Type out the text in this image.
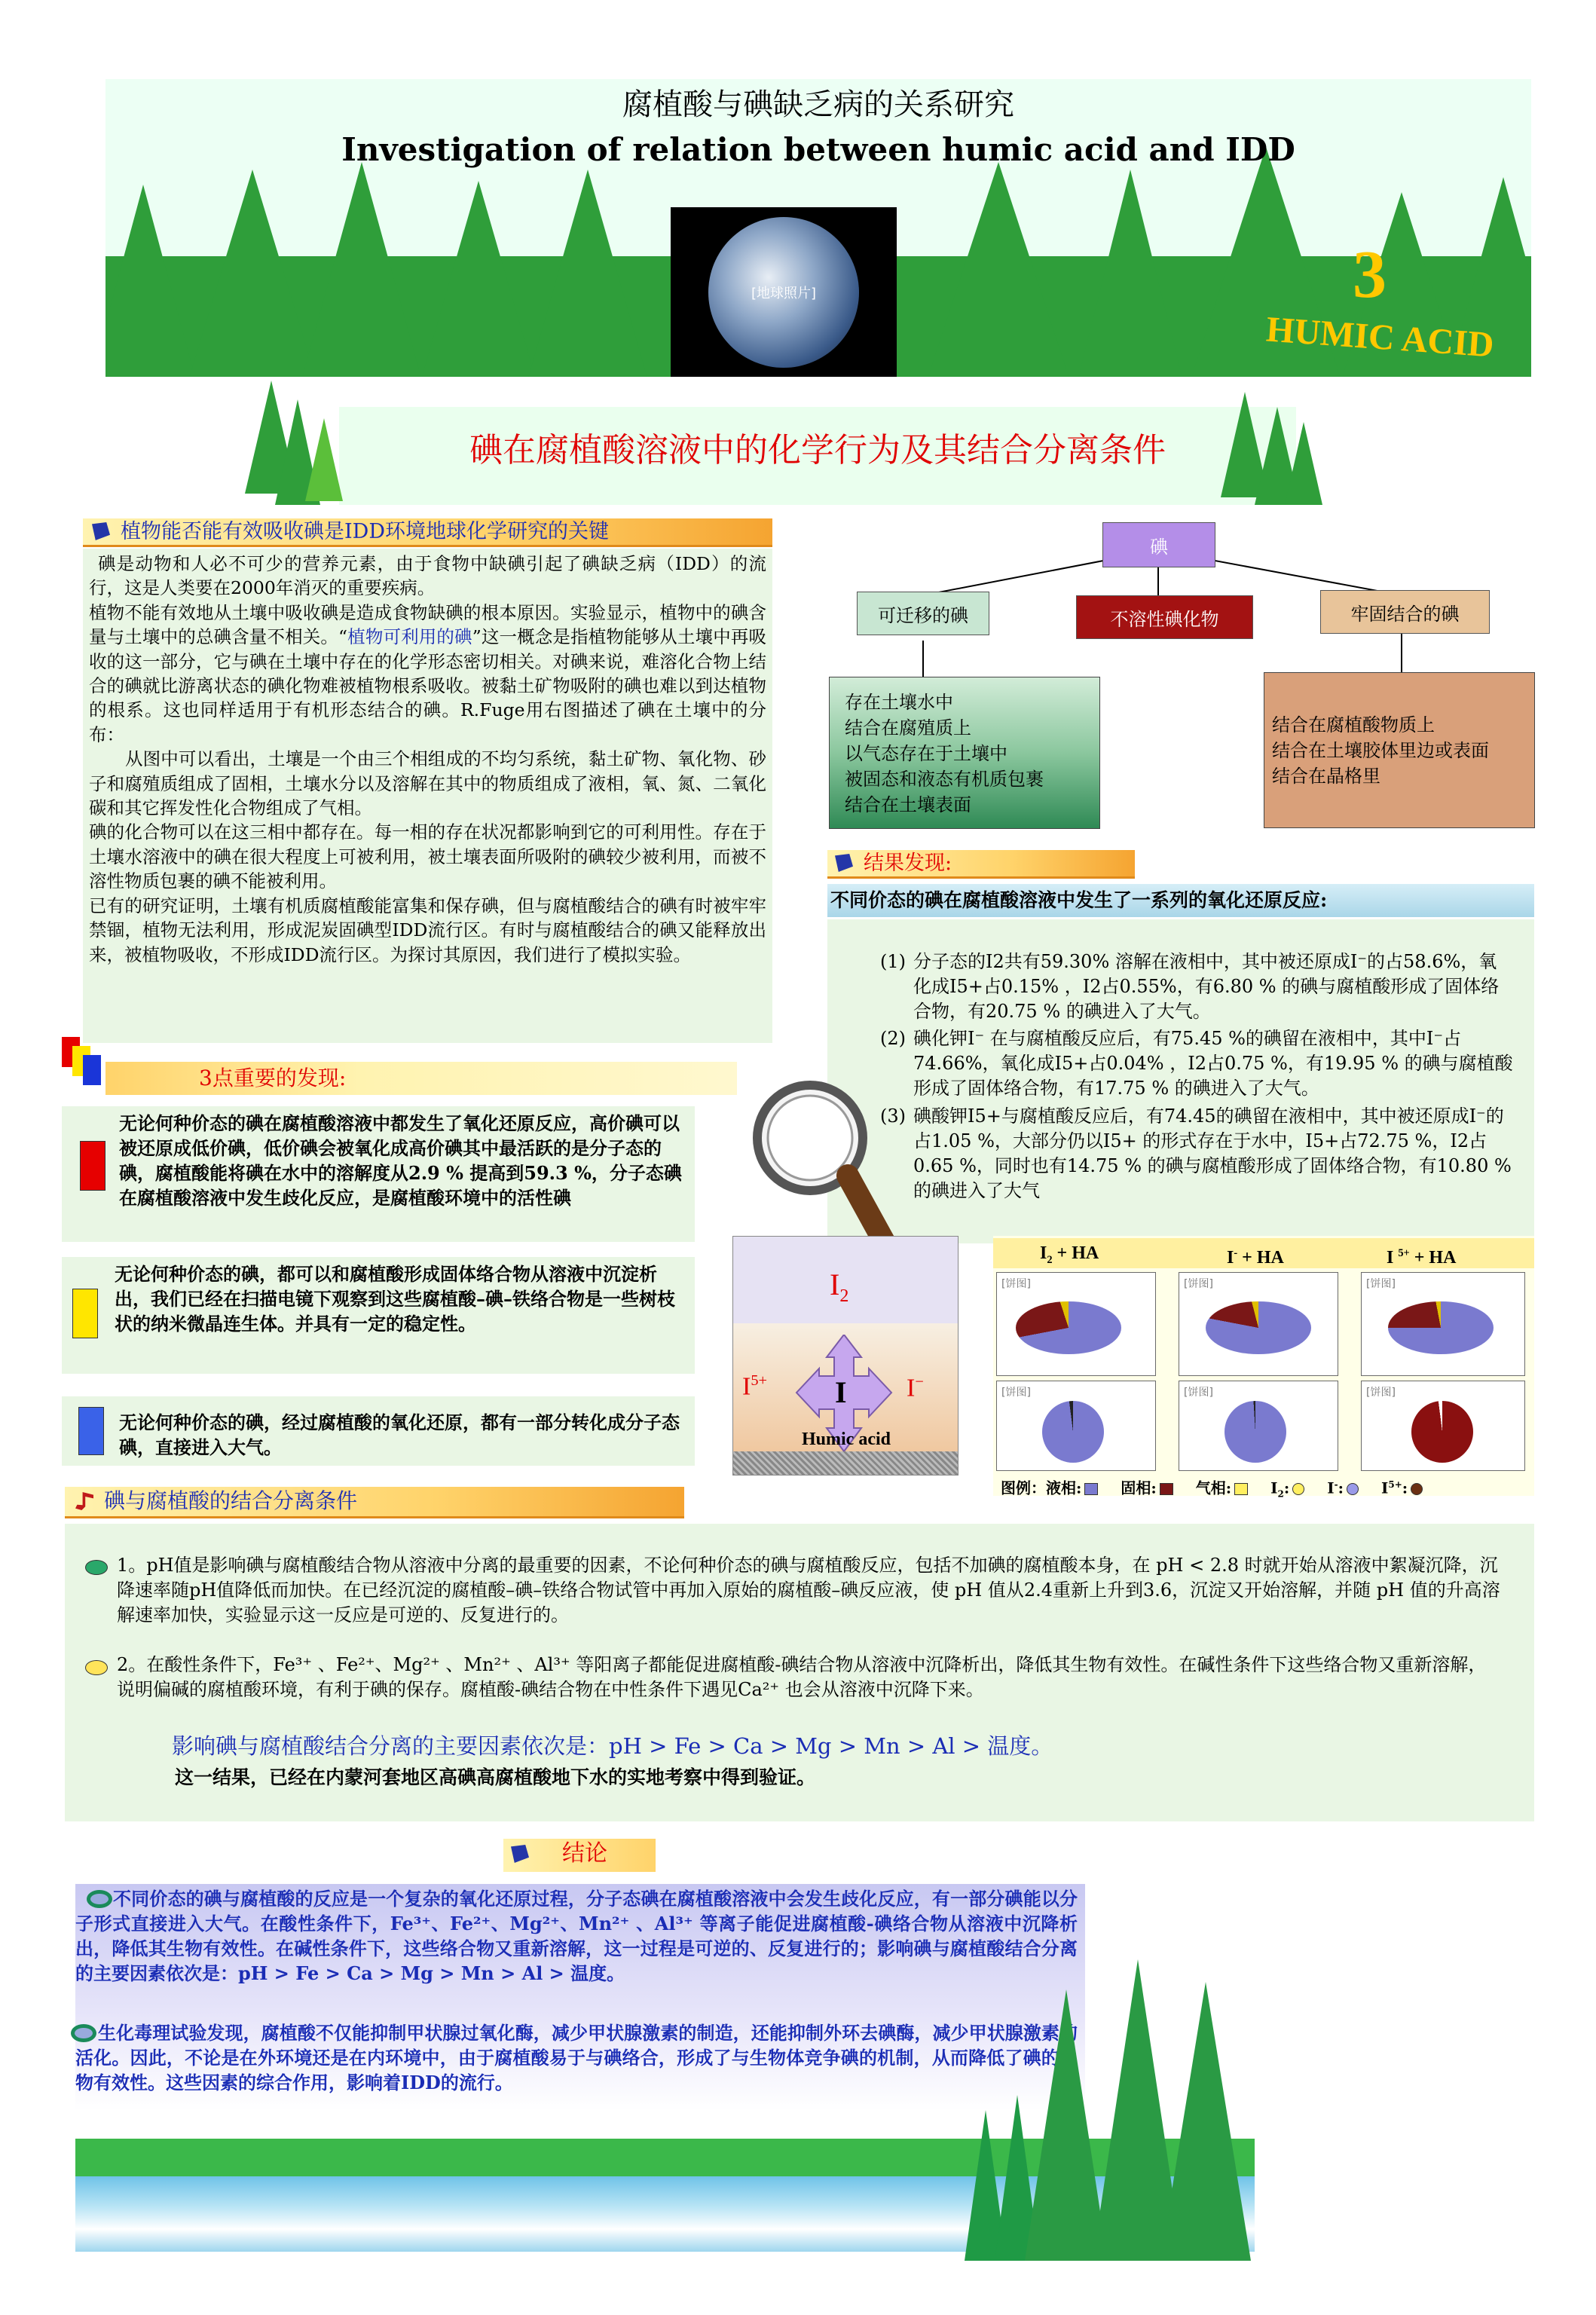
腐植酸与碘缺乏病的关系研究
Investigation of relation between humic acid and IDD
[地球照片]	3
HUMIC ACID
碘在腐植酸溶液中的化学行为及其结合分离条件
植物能否能有效吸收碘是IDD环境地球化学研究的关键

碘是动物和人必不可少的营养元素，由于食物中缺碘引起了碘缺乏病（IDD）的流行，这是人类要在2000年消灭的重要疾病。

植物不能有效地从土壤中吸收碘是造成食物缺碘的根本原因。实验显示，植物中的碘含量与土壤中的总碘含量不相关。“植物可利用的碘”这一概念是指植物能够从土壤中再吸收的这一部分，它与碘在土壤中存在的化学形态密切相关。对碘来说，难溶化合物上结合的碘就比游离状态的碘化物难被植物根系吸收。被黏土矿物吸附的碘也难以到达植物的根系。这也同样适用于有机形态结合的碘。R.Fuge用右图描述了碘在土壤中的分布：

从图中可以看出，土壤是一个由三个相组成的不均匀系统，黏土矿物、氧化物、砂子和腐殖质组成了固相，土壤水分以及溶解在其中的物质组成了液相，氧、氮、二氧化碳和其它挥发性化合物组成了气相。

碘的化合物可以在这三相中都存在。每一相的存在状况都影响到它的可利用性。存在于土壤水溶液中的碘在很大程度上可被利用，被土壤表面所吸附的碘较少被利用，而被不溶性物质包裹的碘不能被利用。

已有的研究证明，土壤有机质腐植酸能富集和保存碘，但与腐植酸结合的碘有时被牢牢禁锢，植物无法利用，形成泥炭固碘型IDD流行区。有时与腐植酸结合的碘又能释放出来，被植物吸收，不形成IDD流行区。为探讨其原因，我们进行了模拟实验。

碘
可迁移的碘	不溶性碘化物	牢固结合的碘
存在土壤水中
结合在腐殖质上
以气态存在于土壤中
被固态和液态有机质包裹
结合在土壤表面
结合在腐植酸物质上
结合在土壤胶体里边或表面
结合在晶格里
3点重要的发现:
无论何种价态的碘在腐植酸溶液中都发生了氧化还原反应，高价碘可以被还原成低价碘，低价碘会被氧化成高价碘其中最活跃的是分子态的碘，腐植酸能将碘在水中的溶解度从2.9 % 提高到59.3 %，分子态碘在腐植酸溶液中发生歧化反应，是腐植酸环境中的活性碘
无论何种价态的碘，都可以和腐植酸形成固体络合物从溶液中沉淀析出，我们已经在扫描电镜下观察到这些腐植酸–碘–铁络合物是一些树枝状的纳米微晶连生体。并具有一定的稳定性。
无论何种价态的碘，经过腐植酸的氧化还原，都有一部分转化成分子态碘，直接进入大气。
结果发现:
不同价态的碘在腐植酸溶液中发生了一系列的氧化还原反应:
(1) 分子态的I2共有59.30% 溶解在液相中，其中被还原成I⁻的占58.6%，氧化成I5+占0.15% ，I2占0.55%，有6.80 % 的碘与腐植酸形成了固体络合物，有20.75 % 的碘进入了大气。
(2) 碘化钾I⁻ 在与腐植酸反应后，有75.45 %的碘留在液相中，其中I⁻占74.66%，氧化成I5+占0.04% ，I2占0.75 %，有19.95 % 的碘与腐植酸形成了固体络合物，有17.75 % 的碘进入了大气。
(3) 碘酸钾I5+与腐植酸反应后，有74.45的碘留在液相中，其中被还原成I⁻的占1.05 %，大部分仍以I5+ 的形式存在于水中，I5+占72.75 %，I2占0.65 %，同时也有14.75 % 的碘与腐植酸形成了固体络合物，有10.80 % 的碘进入了大气
$I_2$
$I^{5+}$	I−
I
Humic acid
$I_2$ + HA	I- + HA	I $^{5+}$ + HA
[饼图]	[饼图]	[饼图]
[饼图]	[饼图]	[饼图]
图例：液相:	固相:	气相:	$I_2$:	I-:	$I^{5+}$:
碘与腐植酸的结合分离条件
1。pH值是影响碘与腐植酸结合物从溶液中分离的最重要的因素，不论何种价态的碘与腐植酸反应，包括不加碘的腐植酸本身，在 pH < 2.8 时就开始从溶液中絮凝沉降，沉降速率随pH值降低而加快。在已经沉淀的腐植酸–碘–铁络合物试管中再加入原始的腐植酸–碘反应液，使 pH 值从2.4重新上升到3.6，沉淀又开始溶解，并随 pH 值的升高溶解速率加快，实验显示这一反应是可逆的、反复进行的。
2。在酸性条件下，Fe³⁺ 、Fe²⁺、Mg²⁺ 、Mn²⁺ 、Al³⁺ 等阳离子都能促进腐植酸-碘结合物从溶液中沉降析出，降低其生物有效性。在碱性条件下这些络合物又重新溶解，说明偏碱的腐植酸环境，有利于碘的保存。腐植酸-碘结合物在中性条件下遇见Ca²⁺ 也会从溶液中沉降下来。
影响碘与腐植酸结合分离的主要因素依次是：pH > Fe > Ca > Mg > Mn > Al > 温度。
这一结果，已经在内蒙河套地区高碘高腐植酸地下水的实地考察中得到验证。
结论
不同价态的碘与腐植酸的反应是一个复杂的氧化还原过程，分子态碘在腐植酸溶液中会发生歧化反应，有一部分碘能以分子形式直接进入大气。在酸性条件下，Fe³⁺、Fe²⁺、Mg²⁺、Mn²⁺ 、Al³⁺ 等离子能促进腐植酸-碘络合物从溶液中沉降析出，降低其生物有效性。在碱性条件下，这些络合物又重新溶解，这一过程是可逆的、反复进行的；影响碘与腐植酸结合分离的主要因素依次是：pH > Fe > Ca > Mg > Mn > Al > 温度。
生化毒理试验发现，腐植酸不仅能抑制甲状腺过氧化酶，减少甲状腺激素的制造，还能抑制外环去碘酶，减少甲状腺激素的活化。因此，不论是在外环境还是在内环境中，由于腐植酸易于与碘络合，形成了与生物体竞争碘的机制，从而降低了碘的生物有效性。这些因素的综合作用，影响着IDD的流行。
